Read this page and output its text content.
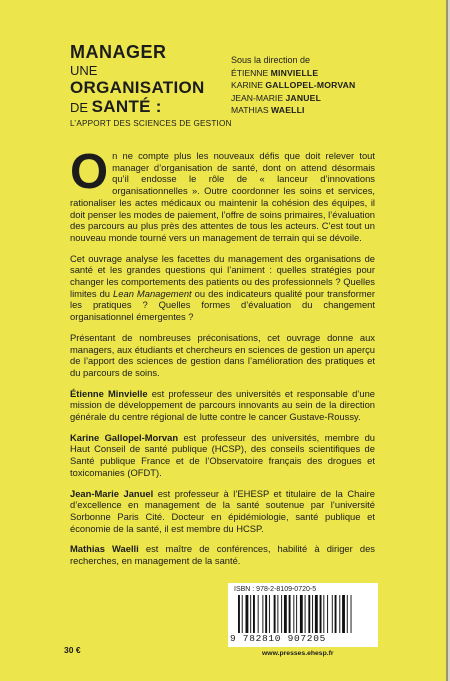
MANAGER
UNE ORGANISATION
DE SANTÉ :
L’APPORT DES SCIENCES DE GESTION
Sous la direction de
ÉTIENNE MINVIELLE
KARINE GALLOPEL-MORVAN
JEAN-MARIE JANUEL
MATHIAS WAELLI

On ne compte plus les nouveaux défis que doit relever tout manager d’organisation de santé, dont on attend désormais qu’il endosse le rôle de « lanceur d’innovations organisationnelles ». Outre coordonner les soins et services, rationaliser les actes médicaux ou maintenir la cohésion des équipes, il doit penser les modes de paiement, l’offre de soins primaires, l’évaluation des parcours au plus près des attentes de tous les acteurs. C’est tout un nouveau monde tourné vers un management de terrain qui se dévoile.

Cet ouvrage analyse les facettes du management des organisations de santé et les grandes questions qui l’animent : quelles stratégies pour changer les comportements des patients ou des professionnels ? Quelles limites du Lean Management ou des indicateurs qualité pour transformer les pratiques ? Quelles formes d’évaluation du changement organisationnel émergentes ?

Présentant de nombreuses préconisations, cet ouvrage donne aux managers, aux étudiants et chercheurs en sciences de gestion un aperçu de l’apport des sciences de gestion dans l’amélioration des pratiques et du parcours de soins.

Étienne Minvielle est professeur des universités et responsable d’une mission de développement de parcours innovants au sein de la direction générale du centre régional de lutte contre le cancer Gustave-Roussy.

Karine Gallopel-Morvan est professeur des universités, membre du Haut Conseil de santé publique (HCSP), des conseils scientifiques de Santé publique France et de l’Observatoire français des drogues et toxicomanies (OFDT).

Jean-Marie Januel est professeur à l’EHESP et titulaire de la Chaire d’excellence en management de la santé soutenue par l’université Sorbonne Paris Cité. Docteur en épidémiologie, santé publique et économie de la santé, il est membre du HCSP.

Mathias Waelli est maître de conférences, habilité à diriger des recherches, en management de la santé.

ISBN : 978-2-8109-0720-5
9 782810 907205
30 €	www.presses.ehesp.fr
